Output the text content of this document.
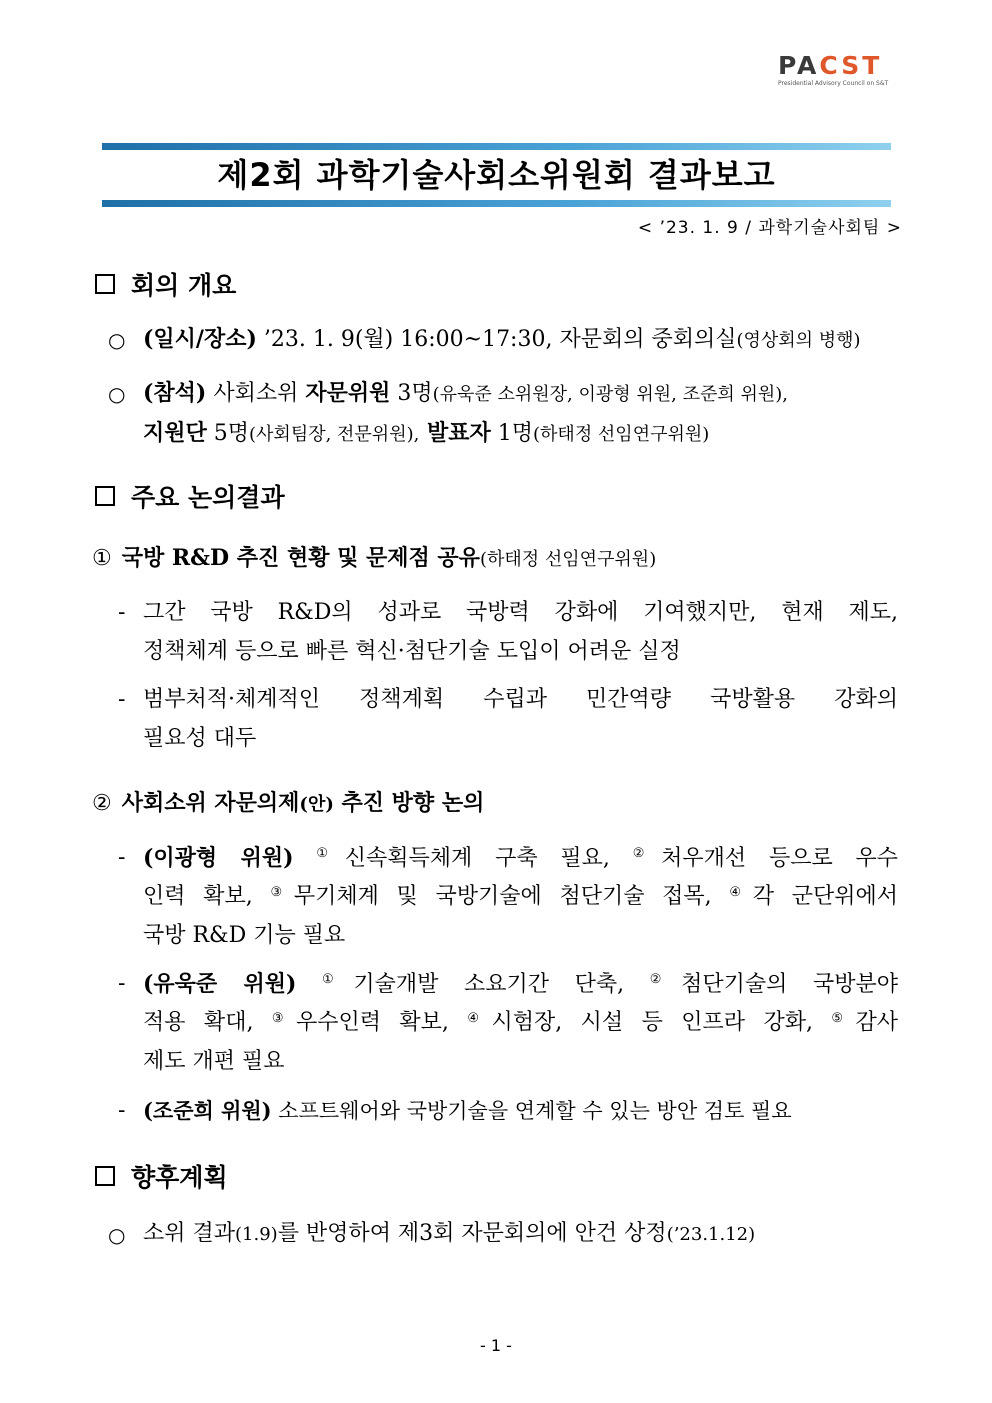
PACST
Presidential Advisory Council on S&T
제2회 과학기술사회소위원회 결과보고
< ’23. 1. 9 / 과학기술사회팀 >
회의 개요
○ (일시/장소) ’23. 1. 9(월) 16:00~17:30, 자문회의 중회의실(영상회의 병행)
○ (참석) 사회소위 자문위원 3명(유욱준 소위원장, 이광형 위원, 조준희 위원),
지원단 5명(사회팀장, 전문위원), 발표자 1명(하태정 선임연구위원)
주요 논의결과
① 국방 R&D 추진 현황 및 문제점 공유(하태정 선임연구위원)
- 그간 국방 R&D의 성과로 국방력 강화에 기여했지만, 현재 제도,
정책체계 등으로 빠른 혁신·첨단기술 도입이 어려운 실정
- 범부처적·체계적인 정책계획 수립과 민간역량 국방활용 강화의
필요성 대두
② 사회소위 자문의제(안) 추진 방향 논의
- (이광형 위원) ①신속획득체계 구축 필요, ②처우개선 등으로 우수
인력 확보, ③무기체계 및 국방기술에 첨단기술 접목, ④각 군단위에서
국방 R&D 기능 필요
- (유욱준 위원) ①기술개발 소요기간 단축, ②첨단기술의 국방분야
적용 확대, ③우수인력 확보, ④시험장, 시설 등 인프라 강화, ⑤감사
제도 개편 필요
- (조준희 위원) 소프트웨어와 국방기술을 연계할 수 있는 방안 검토 필요
향후계획
○ 소위 결과(1.9)를 반영하여 제3회 자문회의에 안건 상정(’23.1.12)
- 1 -
